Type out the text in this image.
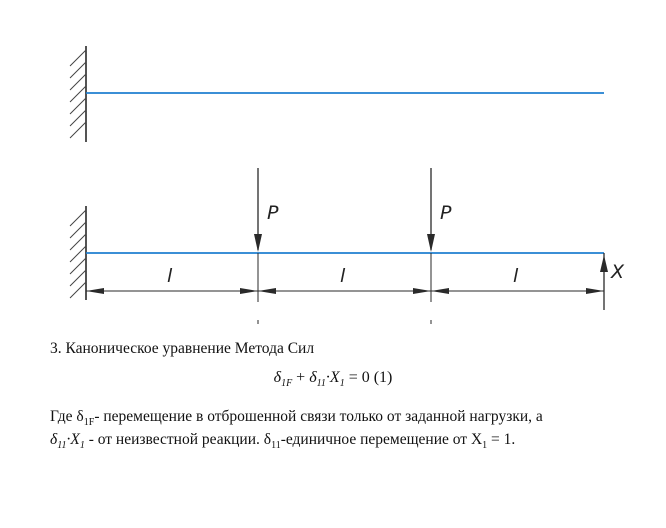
P	P
X
l	l	l
3. Каноническое уравнение Метода Сил
$\delta_{1F} + \delta_{11}\cdot X_1 = 0$ (1)
Где $\delta_{1F}-$ перемещение в отброшенной связи только от заданной нагрузки, а
$\delta_{11}\cdot X_1$ - от неизвестной реакции. $\delta_{11}$-единичное перемещение от $X_1 = 1$.
